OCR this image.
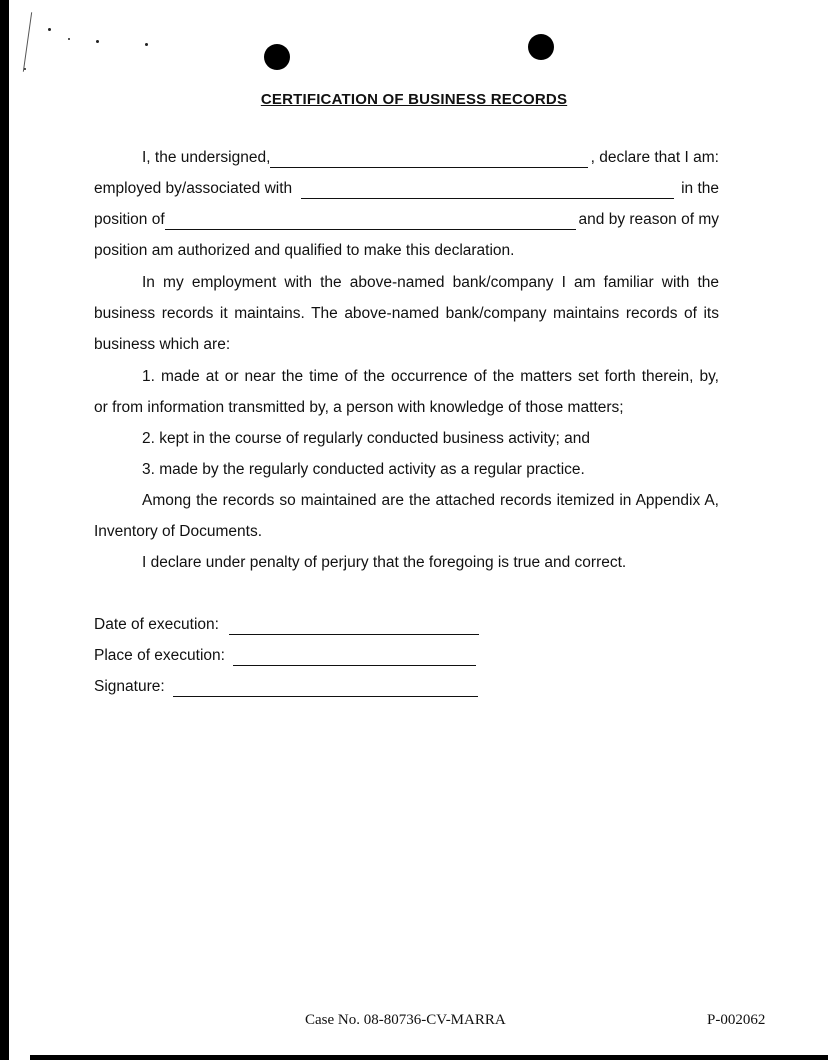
CERTIFICATION OF BUSINESS RECORDS
I, the undersigned,	, declare that I am:
employed by/associated with	in the
position of	and by reason of my
position am authorized and qualified to make this declaration.
In my employment with the above-named bank/company I am familiar with the
business records it maintains. The above-named bank/company maintains records of its
business which are:
1. made at or near the time of the occurrence of the matters set forth therein, by,
or from information transmitted by, a person with knowledge of those matters;
2. kept in the course of regularly conducted business activity; and
3. made by the regularly conducted activity as a regular practice.
Among the records so maintained are the attached records itemized in Appendix A,
Inventory of Documents.
I declare under penalty of perjury that the foregoing is true and correct.
Date of execution:
Place of execution:
Signature:
Case No. 08-80736-CV-MARRA	P-002062
